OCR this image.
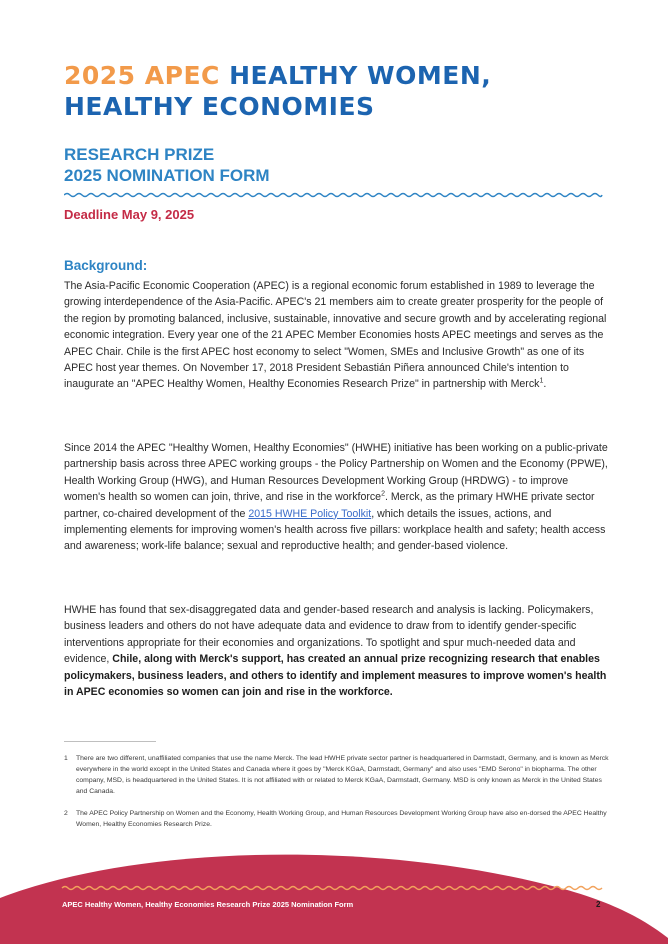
2025 APEC HEALTHY WOMEN,
HEALTHY ECONOMIES
RESEARCH PRIZE
2025 NOMINATION FORM
Deadline May 9, 2025
Background:

The Asia-Pacific Economic Cooperation (APEC) is a regional economic forum established in 1989 to leverage the growing interdependence of the Asia-Pacific. APEC's 21 members aim to create greater prosperity for the people of the region by promoting balanced, inclusive, sustainable, innovative and secure growth and by accelerating regional economic integration. Every year one of the 21 APEC Member Economies hosts APEC meetings and serves as the APEC Chair. Chile is the first APEC host economy to select "Women, SMEs and Inclusive Growth" as one of its APEC host year themes. On November 17, 2018 President Sebastián Piñera announced Chile's intention to inaugurate an "APEC Healthy Women, Healthy Economies Research Prize" in partnership with Merck$^1$.

Since 2014 the APEC "Healthy Women, Healthy Economies" (HWHE) initiative has been working on a public-private partnership basis across three APEC working groups - the Policy Partnership on Women and the Economy (PPWE), Health Working Group (HWG), and Human Resources Development Working Group (HRDWG) - to improve women's health so women can join, thrive, and rise in the workforce$^2$. Merck, as the primary HWHE private sector partner, co-chaired development of the 2015 HWHE Policy Toolkit, which details the issues, actions, and implementing elements for improving women's health across five pillars: workplace health and safety; health access and awareness; work-life balance; sexual and reproductive health; and gender-based violence.

HWHE has found that sex-disaggregated data and gender-based research and analysis is lacking. Policymakers, business leaders and others do not have adequate data and evidence to draw from to identify gender-specific interventions appropriate for their economies and organizations. To spotlight and spur much-needed data and evidence, Chile, along with Merck's support, has created an annual prize recognizing research that enables policymakers, business leaders, and others to identify and implement measures to improve women's health in APEC economies so women can join and rise in the workforce.

1	There are two different, unaffiliated companies that use the name Merck. The lead HWHE private sector partner is headquartered in Darmstadt, Germany, and is known as Merck everywhere in the world except in the United States and Canada where it goes by "Merck KGaA, Darmstadt, Germany" and also uses "EMD Serono" in biopharma. The other company, MSD, is headquartered in the United States. It is not affiliated with or related to Merck KGaA, Darmstadt, Germany. MSD is only known as Merck in the United States and Canada.
2	The APEC Policy Partnership on Women and the Economy, Health Working Group, and Human Resources Development Working Group have also en-dorsed the APEC Healthy Women, Healthy Economies Research Prize.
APEC Healthy Women, Healthy Economies Research Prize 2025 Nomination Form	2
